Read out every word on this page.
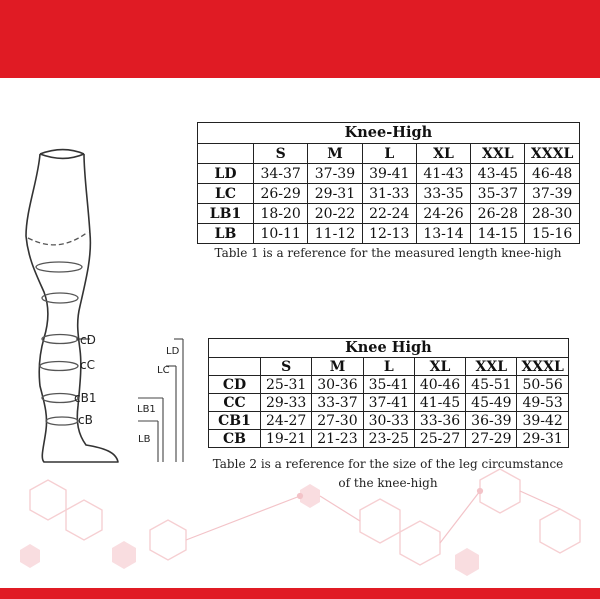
cD
cC
cB1
cB
LD
LC
LB1
LB
Knee-High						
	S	M	L	XL	XXL	XXXL
LD	34-37	37-39	39-41	41-43	43-45	46-48
LC	26-29	29-31	31-33	33-35	35-37	37-39
LB1	18-20	20-22	22-24	24-26	26-28	28-30
LB	10-11	11-12	12-13	13-14	14-15	15-16
Table 1 is a reference for the measured length knee-high
Knee High						
	S	M	L	XL	XXL	XXXL
CD	25-31	30-36	35-41	40-46	45-51	50-56
CC	29-33	33-37	37-41	41-45	45-49	49-53
CB1	24-27	27-30	30-33	33-36	36-39	39-42
CB	19-21	21-23	23-25	25-27	27-29	29-31
Table 2 is a reference for the size of the leg circumstance
of the knee-high
